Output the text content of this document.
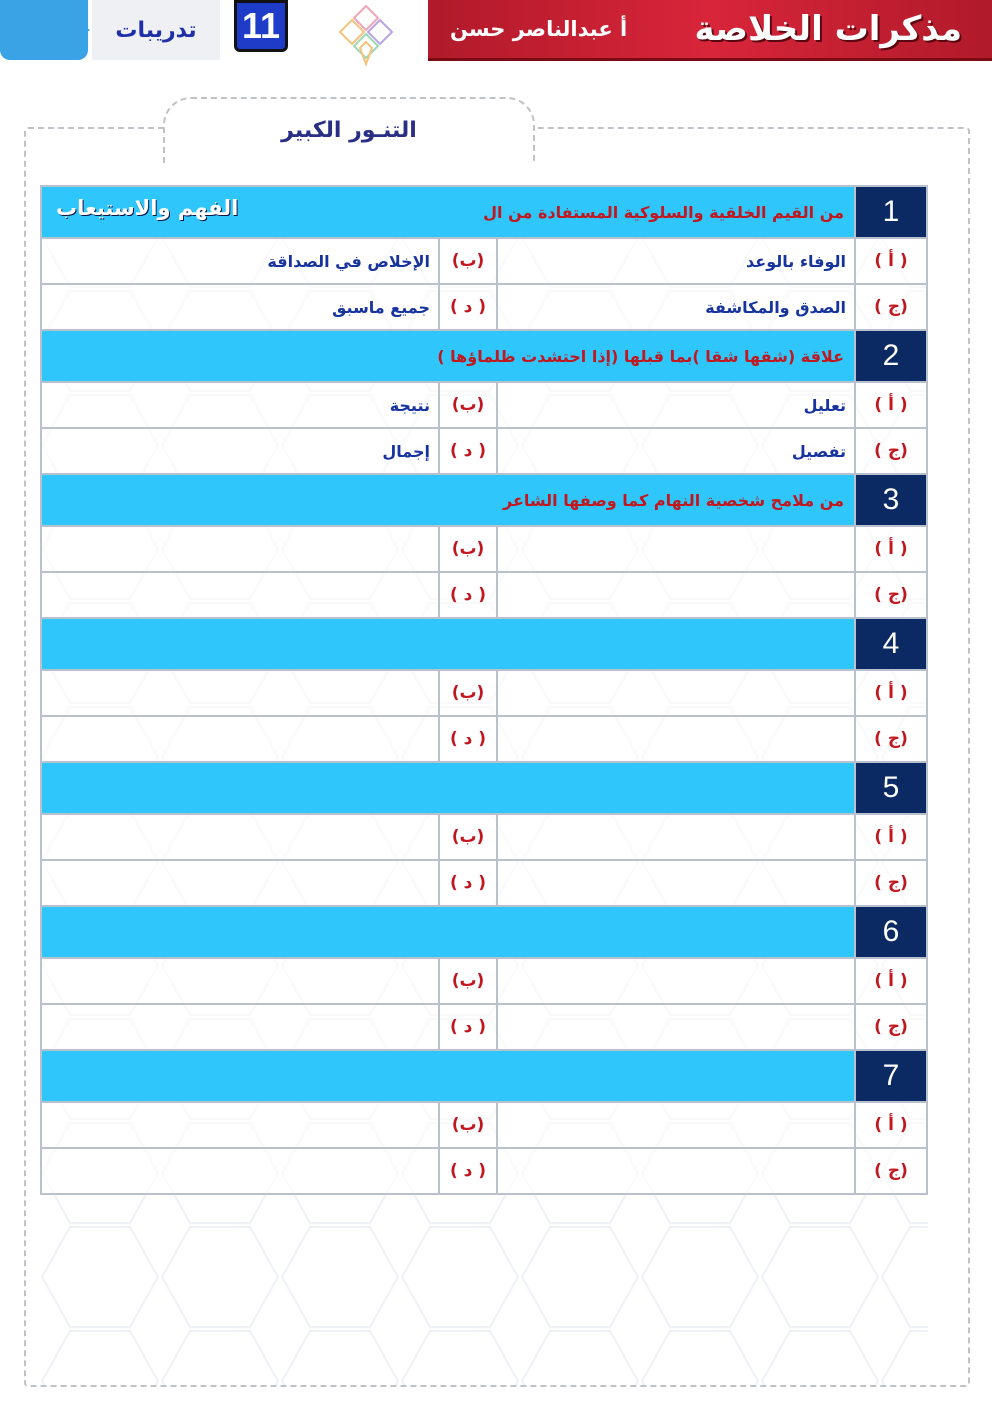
تدريبات	11	أ عبدالناصر حسن مذكرات الخلاصة
التنـور الكبير
1	من القيم الخلقية والسلوكية المستفادة من ال
الفهم والاستيعاب		

( أ )	الوفاء بالوعد	(ب)	الإخلاص في الصداقة
(ج )	الصدق والمكاشفة	( د )	جميع ماسبق
2	علاقة (شقها شقا )بما قبلها (إذا احتشدت ظلماؤها )		

( أ )	تعليل	(ب)	نتيجة
(ج )	تفصيل	( د )	إجمال
3	من ملامح شخصية النهام كما وصفها الشاعر		

( أ )		(ب)	
(ج )		( د )	
4			

( أ )		(ب)	
(ج )		( د )	
5			

( أ )		(ب)	
(ج )		( د )	
6			

( أ )		(ب)	
(ج )		( د )	
7			

( أ )		(ب)	
(ج )		( د )	
